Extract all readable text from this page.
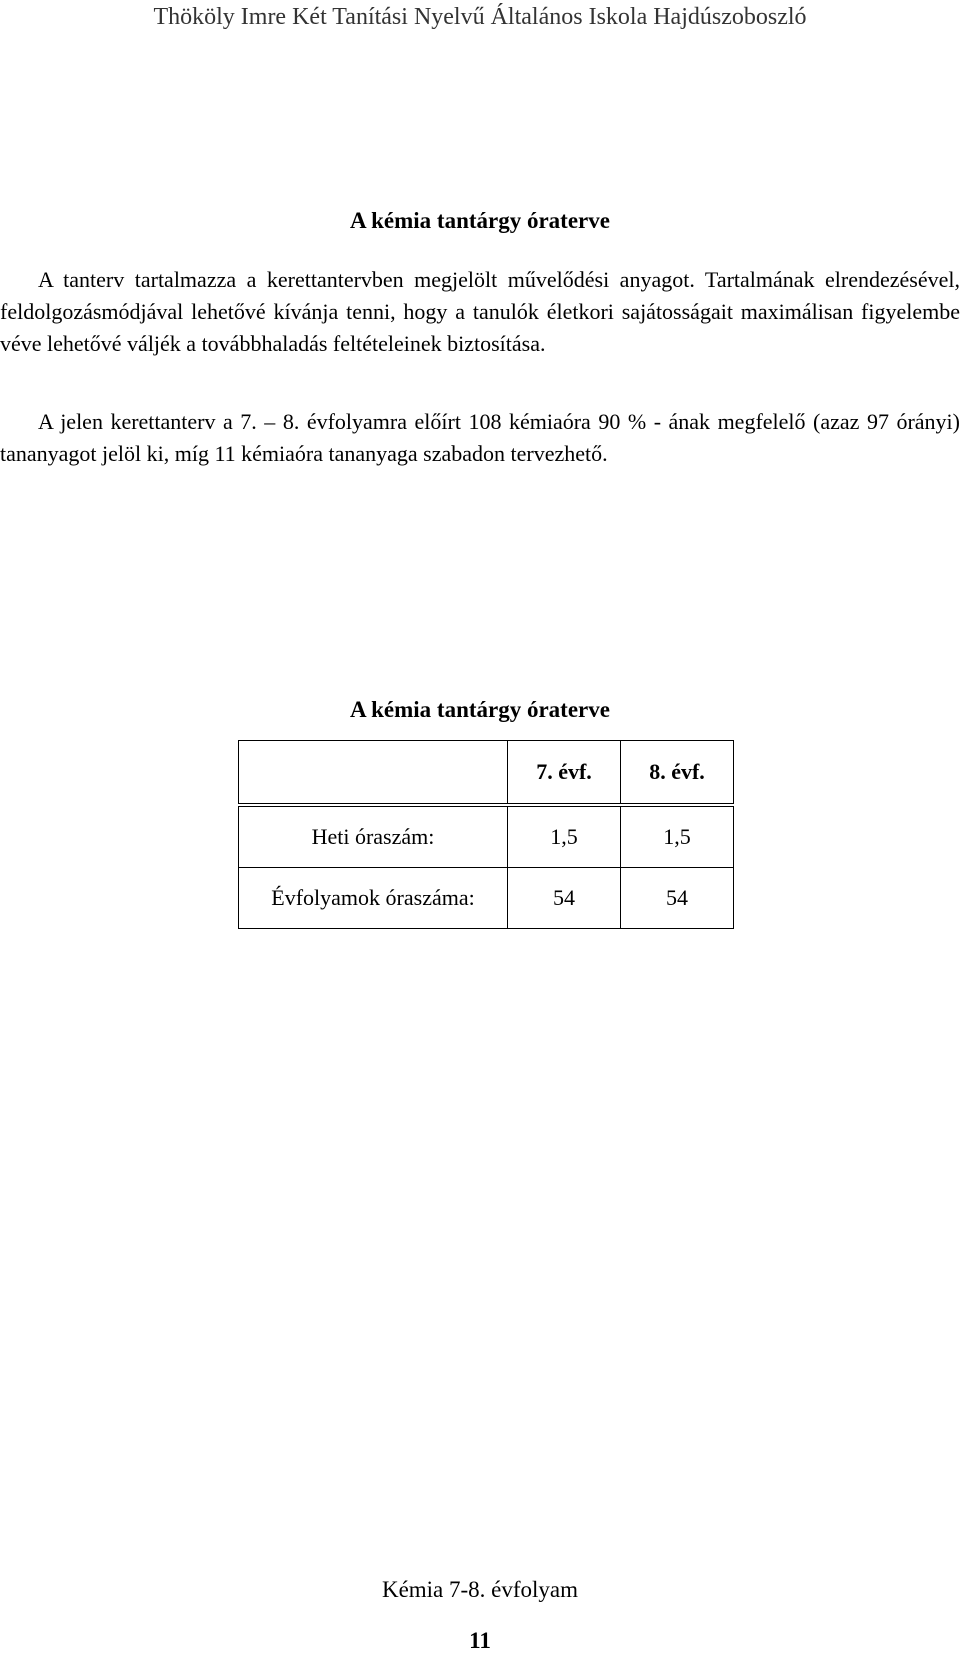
Thököly Imre Két Tanítási Nyelvű Általános Iskola Hajdúszoboszló
A kémia tantárgy óraterve

A tanterv tartalmazza a kerettantervben megjelölt művelődési anyagot. Tartalmának elrendezésével, feldolgozásmódjával lehetővé kívánja tenni, hogy a tanulók életkori sajátosságait maximálisan figyelembe véve lehetővé váljék a továbbhaladás feltételeinek biztosítása.

A jelen kerettanterv a 7. – 8. évfolyamra előírt 108 kémiaóra 90 % - ának megfelelő (azaz 97 órányi) tananyagot jelöl ki, míg 11 kémiaóra tananyaga szabadon tervezhető.

A kémia tantárgy óraterve
	7. évf.	8. évf.
Heti óraszám:	1,5	1,5
Évfolyamok óraszáma:	54	54
Kémia 7-8. évfolyam
11
